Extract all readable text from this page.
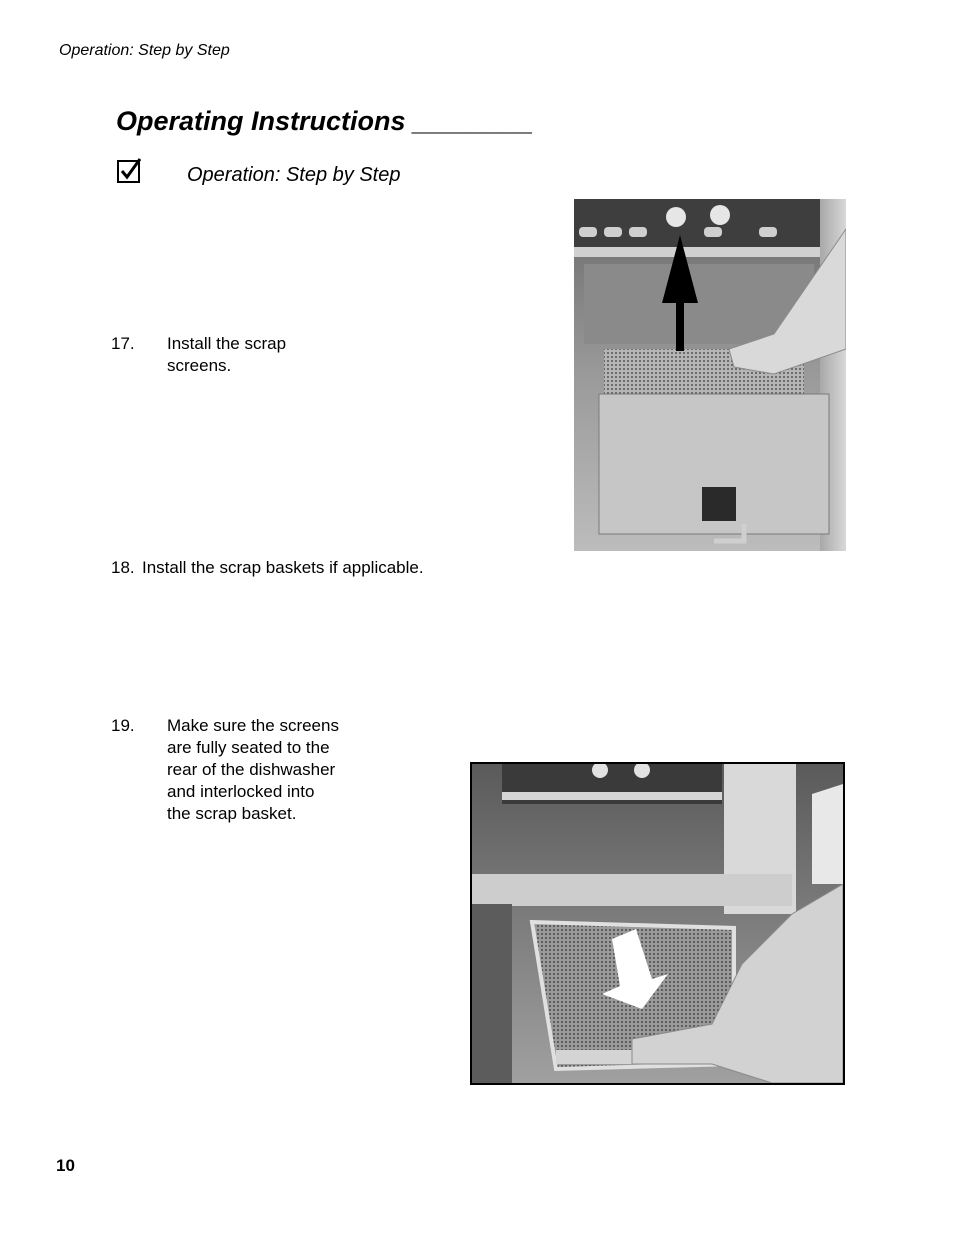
Operation: Step by Step
Operating Instructions ________
Operation: Step by Step
17. Install the scrap
screens.
18. Install the scrap baskets if applicable.
19. Make sure the screens
are fully seated to the
rear of the dishwasher
and interlocked into
the scrap basket.
10
